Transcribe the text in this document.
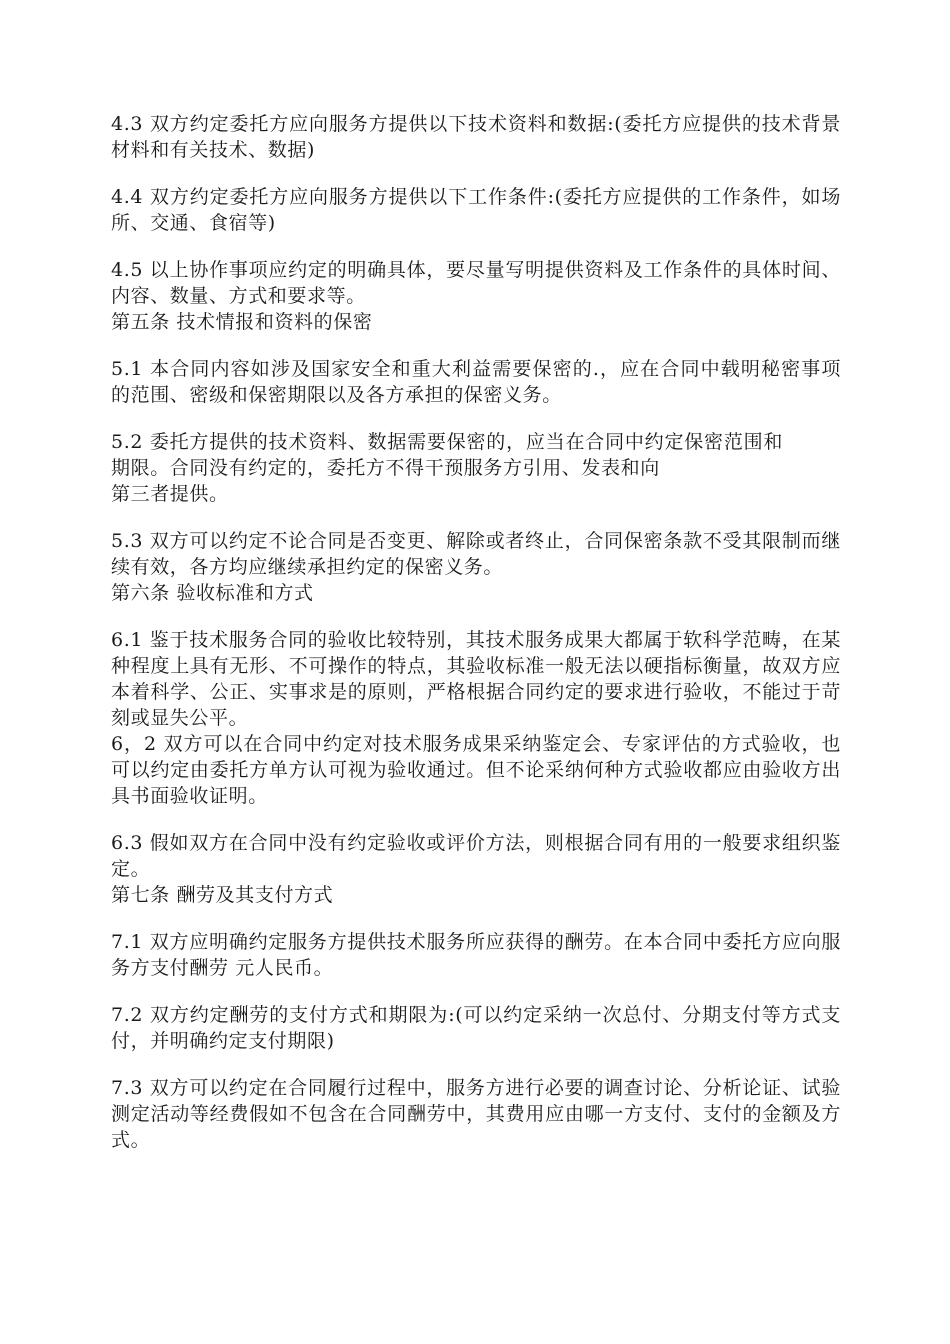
4.3 双方约定委托方应向服务方提供以下技术资料和数据:(委托方应提供的技术背景材料和有关技术、数据)

4.4 双方约定委托方应向服务方提供以下工作条件:(委托方应提供的工作条件，如场所、交通、食宿等)

4.5 以上协作事项应约定的明确具体，要尽量写明提供资料及工作条件的具体时间、内容、数量、方式和要求等。

第五条 技术情报和资料的保密

5.1 本合同内容如涉及国家安全和重大利益需要保密的.，应在合同中载明秘密事项的范围、密级和保密期限以及各方承担的保密义务。

5.2 委托方提供的技术资料、数据需要保密的，应当在合同中约定保密范围和期限。合同没有约定的，委托方不得干预服务方引用、发表和向

第三者提供。

5.3 双方可以约定不论合同是否变更、解除或者终止，合同保密条款不受其限制而继续有效，各方均应继续承担约定的保密义务。

第六条 验收标准和方式

6.1 鉴于技术服务合同的验收比较特别，其技术服务成果大都属于软科学范畴，在某种程度上具有无形、不可操作的特点，其验收标准一般无法以硬指标衡量，故双方应本着科学、公正、实事求是的原则，严格根据合同约定的要求进行验收，不能过于苛刻或显失公平。

6，2 双方可以在合同中约定对技术服务成果采纳鉴定会、专家评估的方式验收，也可以约定由委托方单方认可视为验收通过。但不论采纳何种方式验收都应由验收方出具书面验收证明。

6.3 假如双方在合同中没有约定验收或评价方法，则根据合同有用的一般要求组织鉴定。

第七条 酬劳及其支付方式

7.1 双方应明确约定服务方提供技术服务所应获得的酬劳。在本合同中委托方应向服务方支付酬劳 元人民币。

7.2 双方约定酬劳的支付方式和期限为:(可以约定采纳一次总付、分期支付等方式支付，并明确约定支付期限)

7.3 双方可以约定在合同履行过程中，服务方进行必要的调查讨论、分析论证、试验测定活动等经费假如不包含在合同酬劳中，其费用应由哪一方支付、支付的金额及方式。
